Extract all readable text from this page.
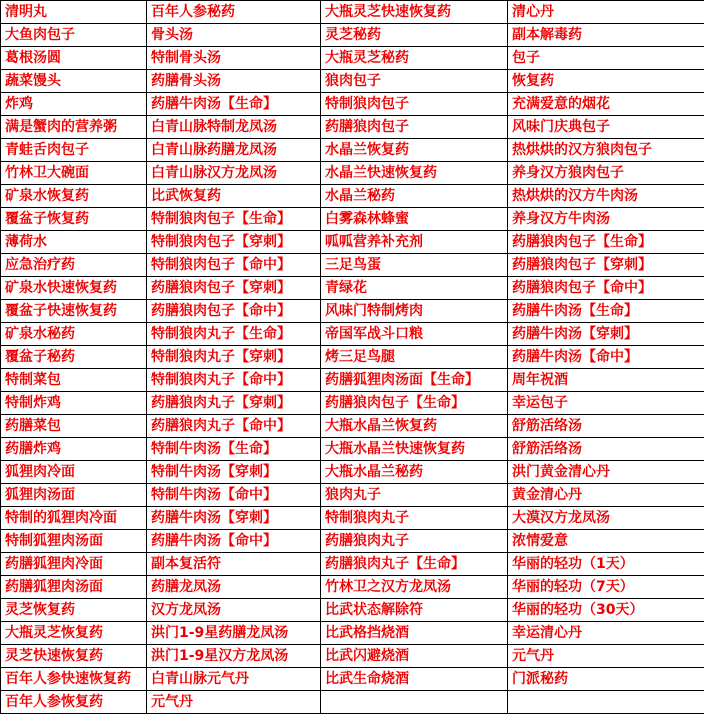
清明丸	百年人参秘药	大瓶灵芝快速恢复药	清心丹
大鱼肉包子	骨头汤	灵芝秘药	副本解毒药
葛根汤圆	特制骨头汤	大瓶灵芝秘药	包子
蔬菜馒头	药膳骨头汤	狼肉包子	恢复药
炸鸡	药膳牛肉汤【生命】	特制狼肉包子	充满爱意的烟花
满是蟹肉的营养粥	白青山脉特制龙凤汤	药膳狼肉包子	风味门庆典包子
青蛙舌肉包子	白青山脉药膳龙凤汤	水晶兰恢复药	热烘烘的汉方狼肉包子
竹林卫大碗面	白青山脉汉方龙凤汤	水晶兰快速恢复药	养身汉方狼肉包子
矿泉水恢复药	比武恢复药	水晶兰秘药	热烘烘的汉方牛肉汤
覆盆子恢复药	特制狼肉包子【生命】	白雾森林蜂蜜	养身汉方牛肉汤
薄荷水	特制狼肉包子【穿刺】	呱呱营养补充剂	药膳狼肉包子【生命】
应急治疗药	特制狼肉包子【命中】	三足鸟蛋	药膳狼肉包子【穿刺】
矿泉水快速恢复药	药膳狼肉包子【穿刺】	青绿花	药膳狼肉包子【命中】
覆盆子快速恢复药	药膳狼肉包子【命中】	风味门特制烤肉	药膳牛肉汤【生命】
矿泉水秘药	特制狼肉丸子【生命】	帝国军战斗口粮	药膳牛肉汤【穿刺】
覆盆子秘药	特制狼肉丸子【穿刺】	烤三足鸟腿	药膳牛肉汤【命中】
特制菜包	特制狼肉丸子【命中】	药膳狐狸肉汤面【生命】	周年祝酒
特制炸鸡	药膳狼肉丸子【穿刺】	药膳狼肉包子【生命】	幸运包子
药膳菜包	药膳狼肉丸子【命中】	大瓶水晶兰恢复药	舒筋活络汤
药膳炸鸡	特制牛肉汤【生命】	大瓶水晶兰快速恢复药	舒筋活络汤
狐狸肉冷面	特制牛肉汤【穿刺】	大瓶水晶兰秘药	洪门黄金清心丹
狐狸肉汤面	特制牛肉汤【命中】	狼肉丸子	黄金清心丹
特制的狐狸肉冷面	药膳牛肉汤【穿刺】	特制狼肉丸子	大漠汉方龙凤汤
特制狐狸肉汤面	药膳牛肉汤【命中】	药膳狼肉丸子	浓情爱意
药膳狐狸肉冷面	副本复活符	药膳狼肉丸子【生命】	华丽的轻功（1天）
药膳狐狸肉汤面	药膳龙凤汤	竹林卫之汉方龙凤汤	华丽的轻功（7天）
灵芝恢复药	汉方龙凤汤	比武状态解除符	华丽的轻功（30天）
大瓶灵芝恢复药	洪门1-9星药膳龙凤汤	比武格挡烧酒	幸运清心丹
灵芝快速恢复药	洪门1-9星汉方龙凤汤	比武闪避烧酒	元气丹
百年人参快速恢复药	白青山脉元气丹	比武生命烧酒	门派秘药
百年人参恢复药	元气丹		
